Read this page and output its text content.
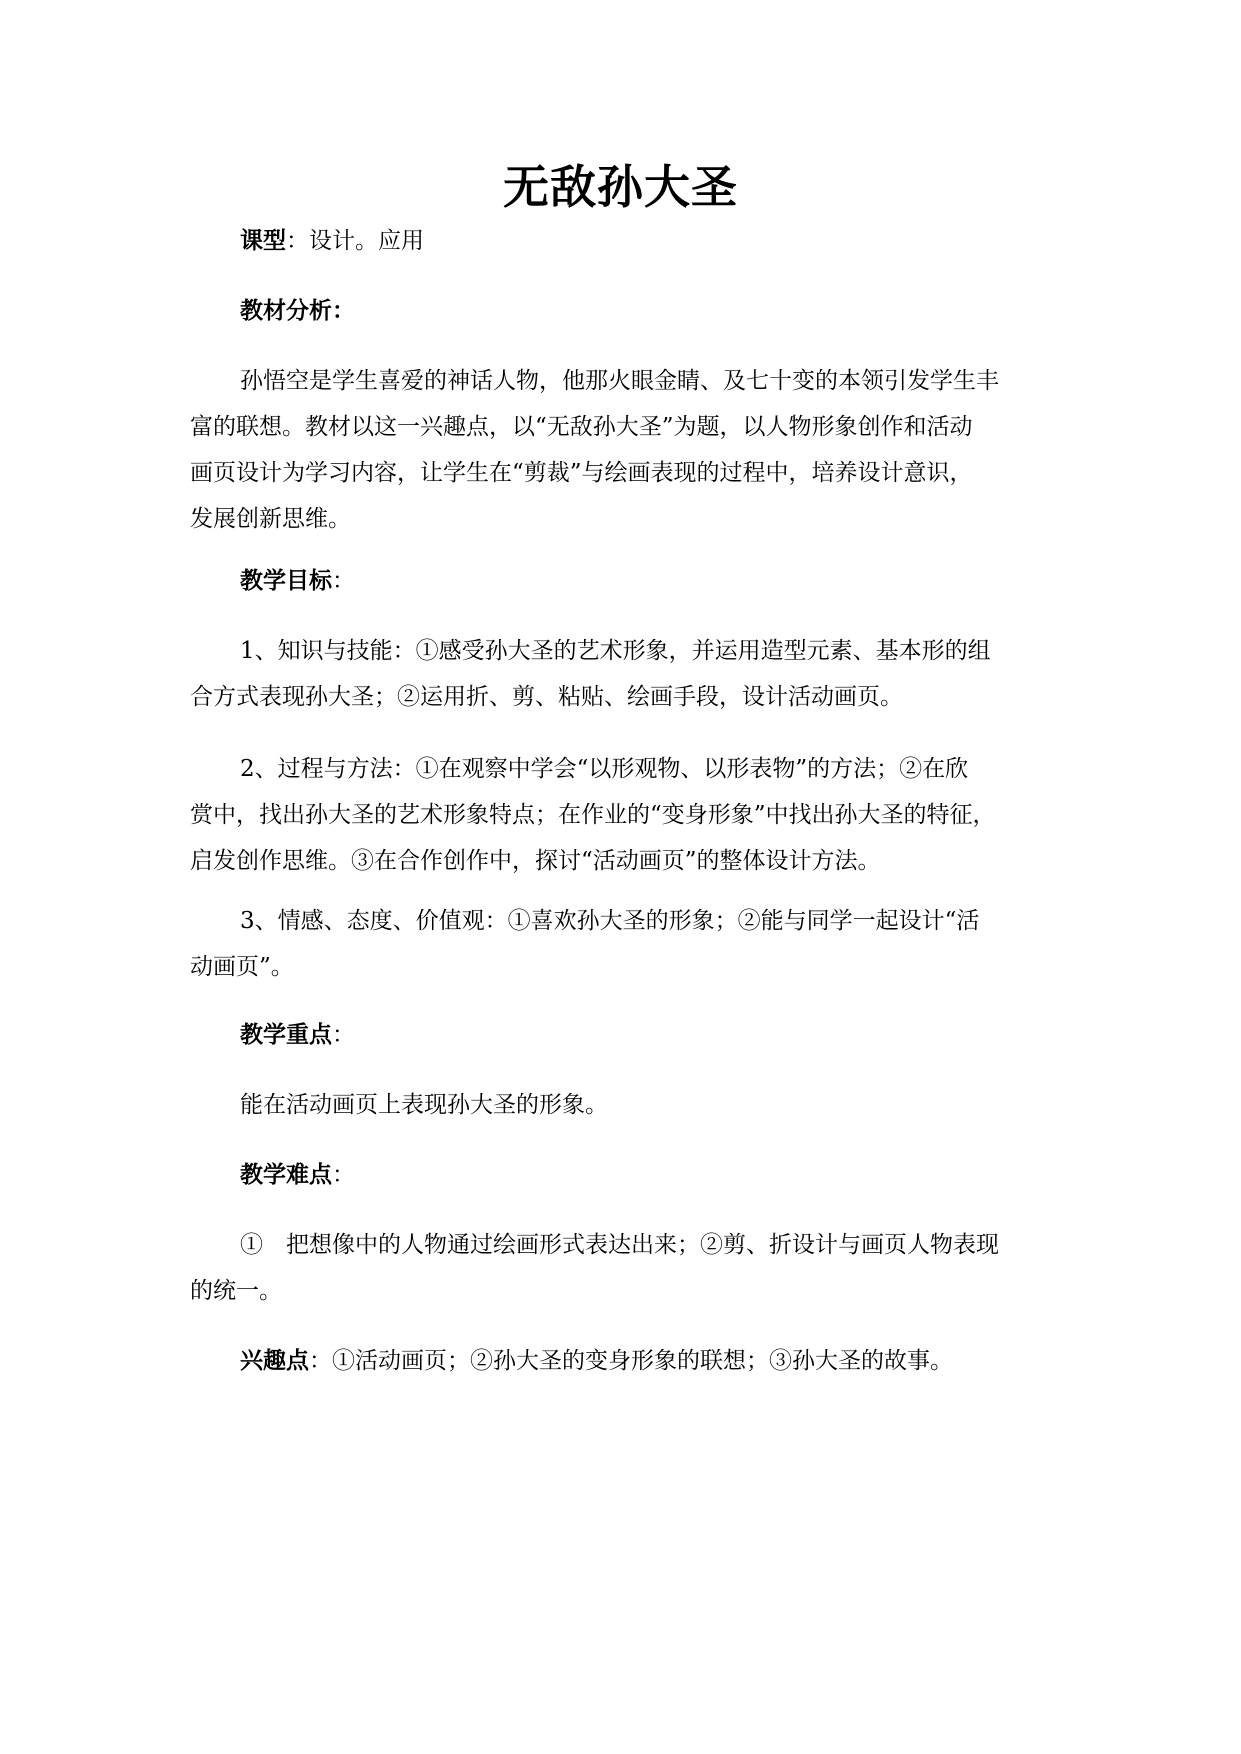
无敌孙大圣
课型：设计。应用
教材分析：
孙悟空是学生喜爱的神话人物，他那火眼金睛、及七十变的本领引发学生丰
富的联想。教材以这一兴趣点，以“无敌孙大圣”为题，以人物形象创作和活动
画页设计为学习内容，让学生在“剪裁”与绘画表现的过程中，培养设计意识，
发展创新思维。
教学目标：
1、知识与技能：①感受孙大圣的艺术形象，并运用造型元素、基本形的组
合方式表现孙大圣；②运用折、剪、粘贴、绘画手段，设计活动画页。
2、过程与方法：①在观察中学会“以形观物、以形表物”的方法；②在欣
赏中，找出孙大圣的艺术形象特点；在作业的“变身形象”中找出孙大圣的特征，
启发创作思维。③在合作创作中，探讨“活动画页”的整体设计方法。
3、情感、态度、价值观：①喜欢孙大圣的形象；②能与同学一起设计“活
动画页”。
教学重点：
能在活动画页上表现孙大圣的形象。
教学难点：
①　把想像中的人物通过绘画形式表达出来；②剪、折设计与画页人物表现
的统一。
兴趣点：①活动画页；②孙大圣的变身形象的联想；③孙大圣的故事。
